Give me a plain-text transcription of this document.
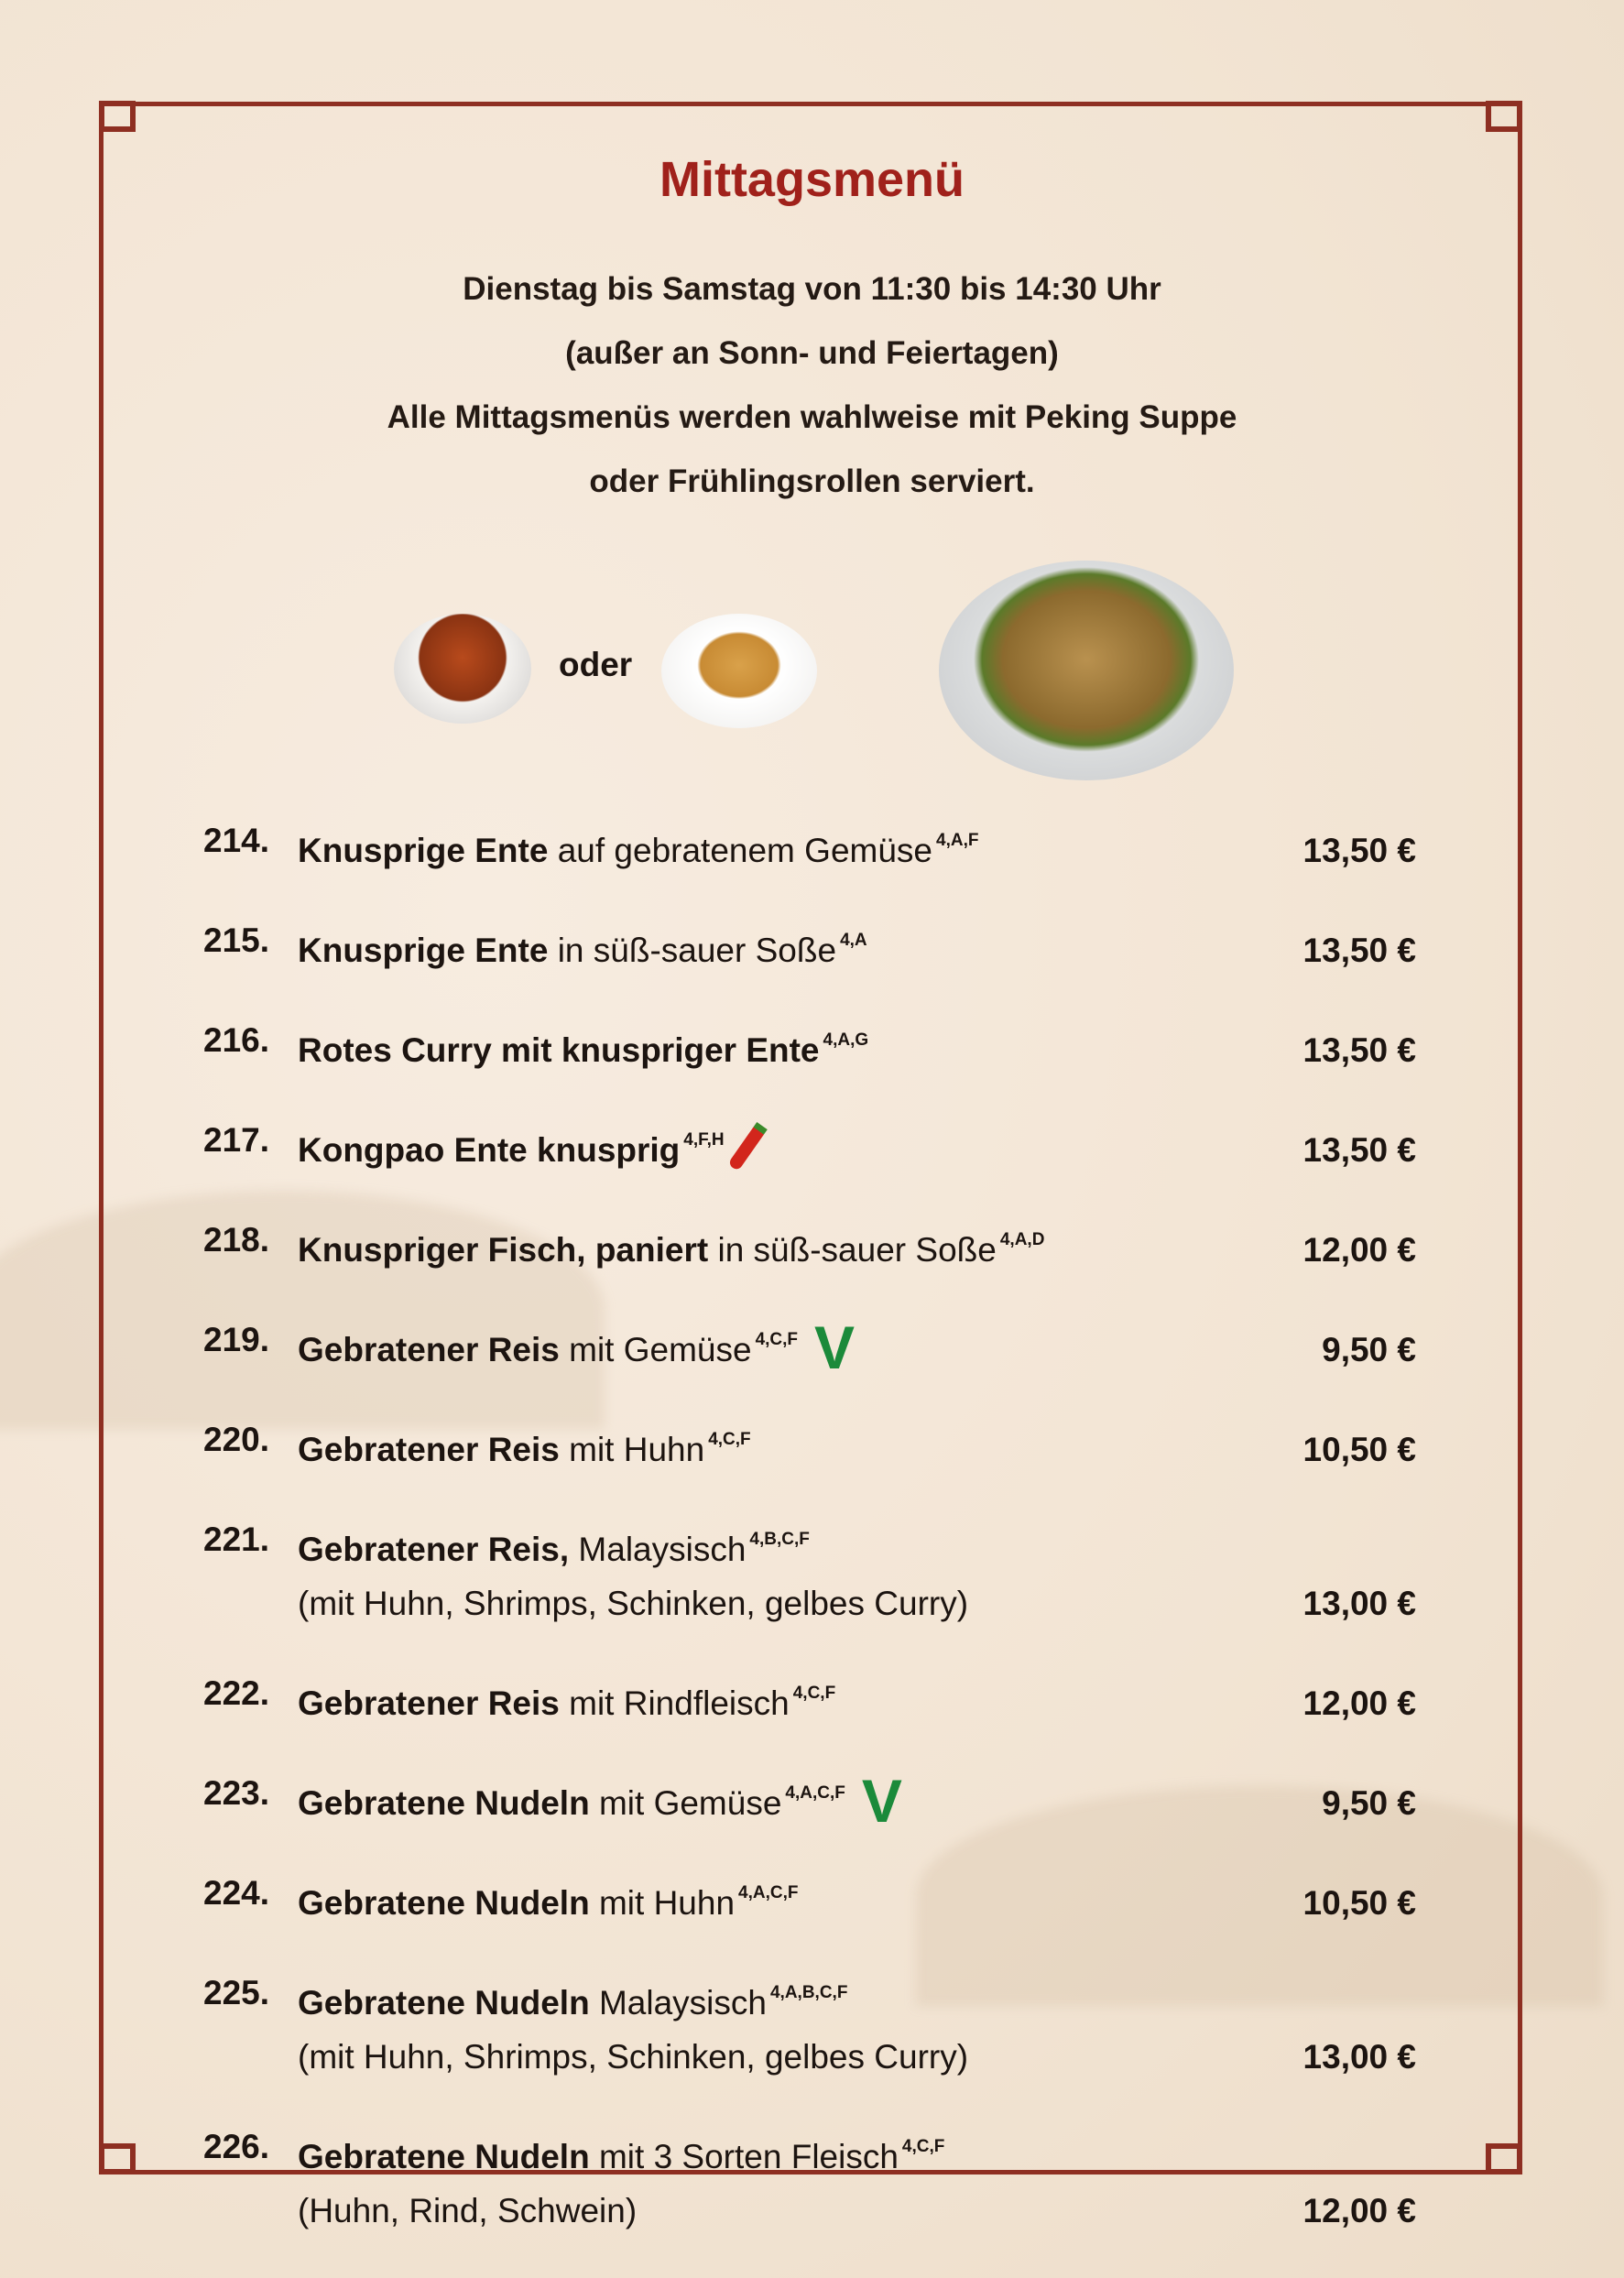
Mittagsmenü
Dienstag bis Samstag von 11:30 bis 14:30 Uhr
(außer an Sonn- und Feiertagen)
Alle Mittagsmenüs werden wahlweise mit Peking Suppe
oder Frühlingsrollen serviert.
oder
214. Knusprige Ente auf gebratenem Gemüse $^{4,A,F}$	13,50 €
215. Knusprige Ente in süß-sauer Soße $^{4,A}$	13,50 €
216. Rotes Curry mit knuspriger Ente $^{4,A,G}$	13,50 €
217. Kongpao Ente knusprig $^{4,F,H}$	13,50 €
218. Knuspriger Fisch, paniert in süß-sauer Soße $^{4,A,D}$	12,00 €
219. Gebratener Reis mit Gemüse $^{4,C,F}$ V	9,50 €
220. Gebratener Reis mit Huhn $^{4,C,F}$	10,50 €
221. Gebratener Reis, Malaysisch $^{4,B,C,F}$
(mit Huhn, Shrimps, Schinken, gelbes Curry)	13,00 €
222. Gebratener Reis mit Rindfleisch $^{4,C,F}$	12,00 €
223. Gebratene Nudeln mit Gemüse $^{4,A,C,F}$ V	9,50 €
224. Gebratene Nudeln mit Huhn $^{4,A,C,F}$	10,50 €
225. Gebratene Nudeln Malaysisch $^{4,A,B,C,F}$
(mit Huhn, Shrimps, Schinken, gelbes Curry)	13,00 €
226. Gebratene Nudeln mit 3 Sorten Fleisch $^{4,C,F}$
(Huhn, Rind, Schwein)	12,00 €
